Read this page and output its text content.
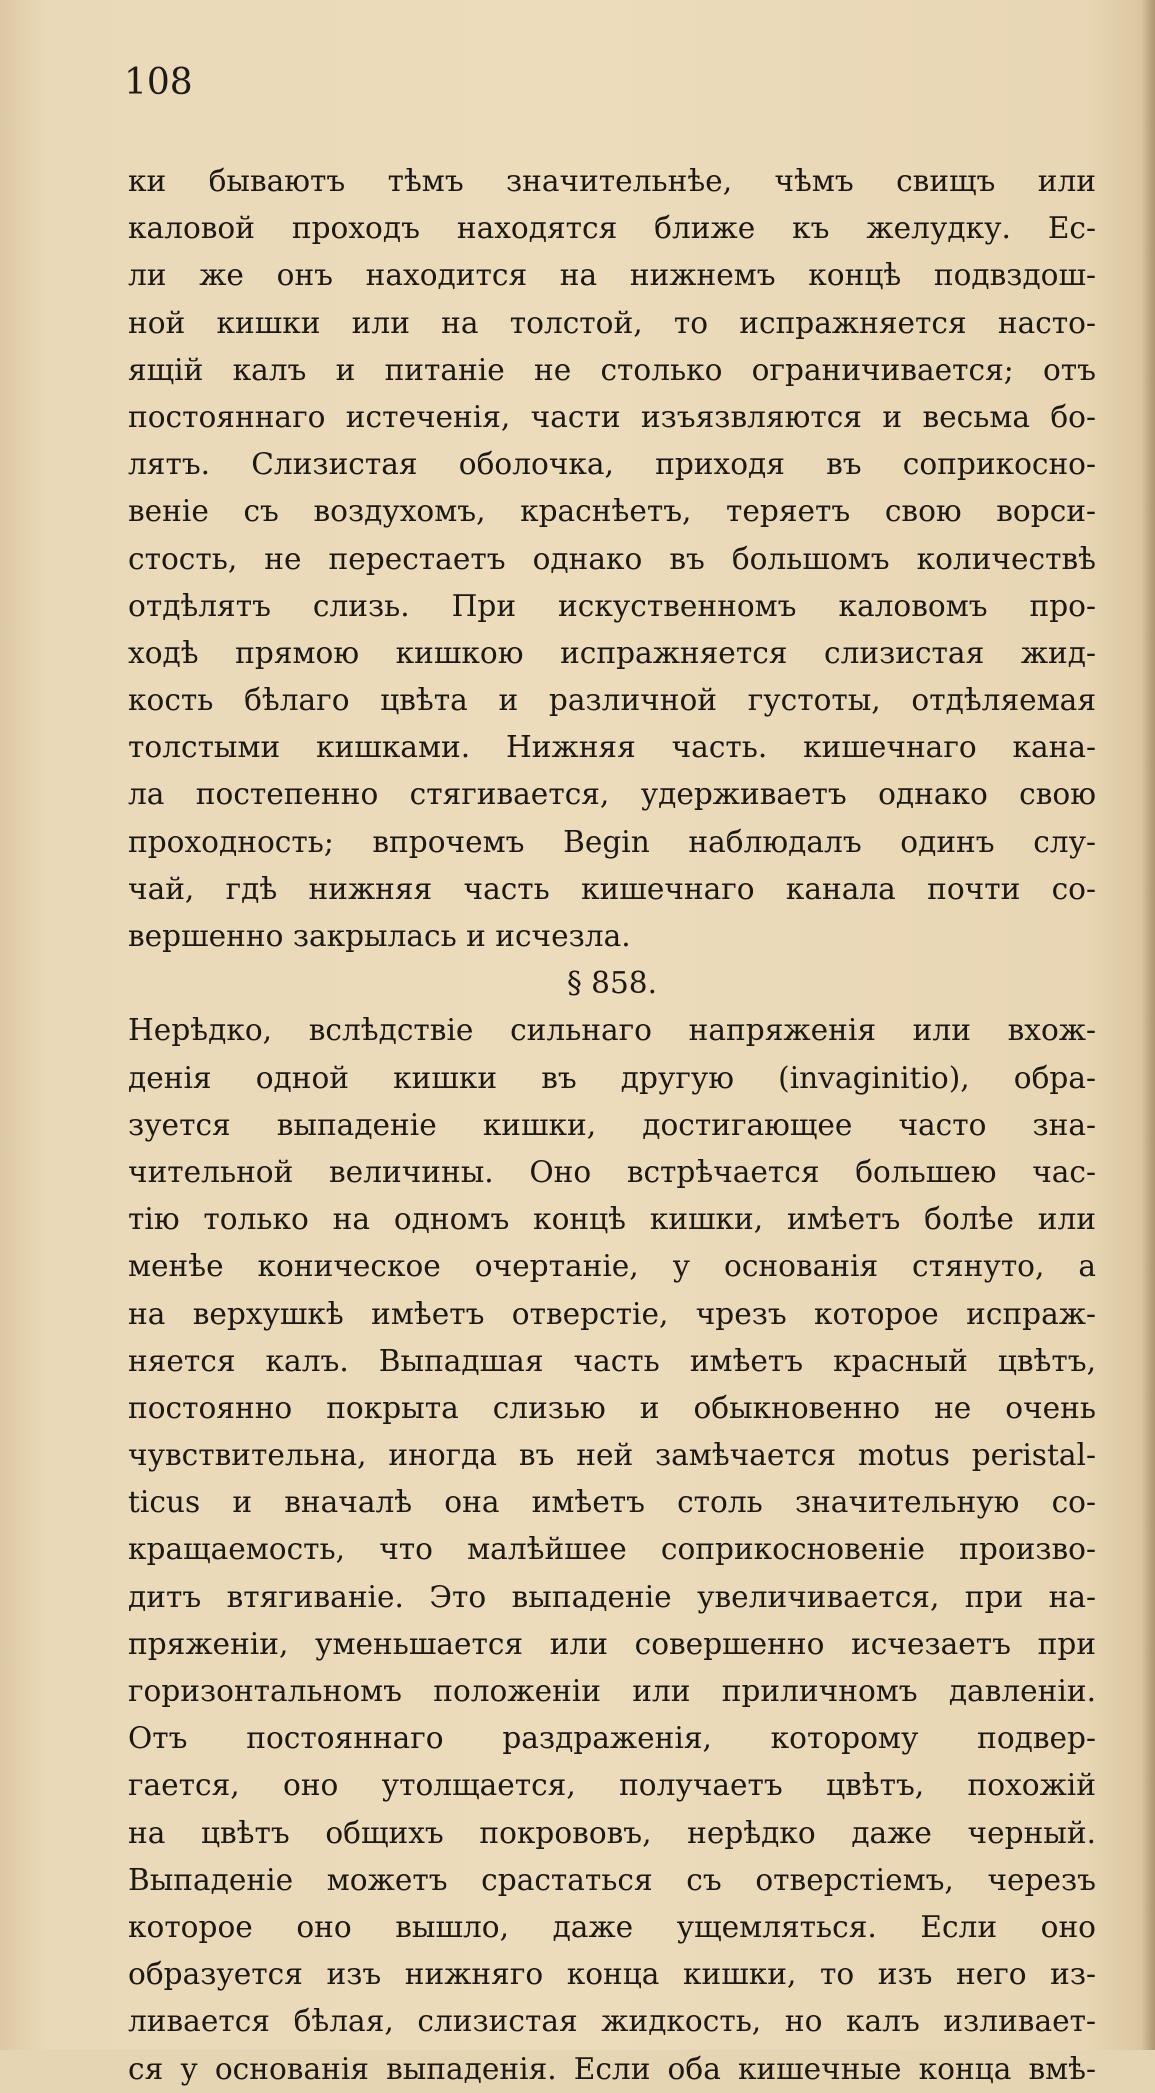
108
ки бываютъ тѣмъ значительнѣе, чѣмъ свищъ или
каловой проходъ находятся ближе къ желудку. Ес-
ли же онъ находится на нижнемъ концѣ подвздош-
ной кишки или на толстой, то испражняется насто-
ящій калъ и питаніе не столько ограничивается; отъ
постояннаго истеченія, части изъязвляются и весьма бо-
лятъ. Слизистая оболочка, приходя въ соприкосно-
веніе съ воздухомъ, краснѣетъ, теряетъ свою ворси-
стость, не перестаетъ однако въ большомъ количествѣ
отдѣлятъ слизь. При искуственномъ каловомъ про-
ходѣ прямою кишкою испражняется слизистая жид-
кость бѣлаго цвѣта и различной густоты, отдѣляемая
толстыми кишками. Нижняя часть. кишечнаго кана-
ла постепенно стягивается, удерживаетъ однако свою
проходность; впрочемъ Begin наблюдалъ одинъ слу-
чай, гдѣ нижняя часть кишечнаго канала почти со-
вершенно закрылась и исчезла.
§ 858.
Нерѣдко, вслѣдствіе сильнаго напряженія или вхож-
денія одной кишки въ другую (invaginitio), обра-
зуется выпаденіе кишки, достигающее часто зна-
чительной величины. Оно встрѣчается большею час-
тію только на одномъ концѣ кишки, имѣетъ болѣе или
менѣе коническое очертаніе, у основанія стянуто, а
на верхушкѣ имѣетъ отверстіе, чрезъ которое испраж-
няется калъ. Выпадшая часть имѣетъ красный цвѣтъ,
постоянно покрыта слизью и обыкновенно не очень
чувствительна, иногда въ ней замѣчается motus peristal-
ticus и вначалѣ она имѣетъ столь значительную со-
кращаемость, что малѣйшее соприкосновеніе произво-
дитъ втягиваніе. Это выпаденіе увеличивается, при на-
пряженіи, уменьшается или совершенно исчезаетъ при
горизонтальномъ положеніи или приличномъ давленіи.
Отъ постояннаго раздраженія, которому подвер-
гается, оно утолщается, получаетъ цвѣтъ, похожій
на цвѣтъ общихъ покрововъ, нерѣдко даже черный.
Выпаденіе можетъ срастаться съ отверстіемъ, черезъ
которое оно вышло, даже ущемляться. Если оно
образуется изъ нижняго конца кишки, то изъ него из-
ливается бѣлая, слизистая жидкость, но калъ изливает-
ся у основанія выпаденія. Если оба кишечные конца вмѣ-
